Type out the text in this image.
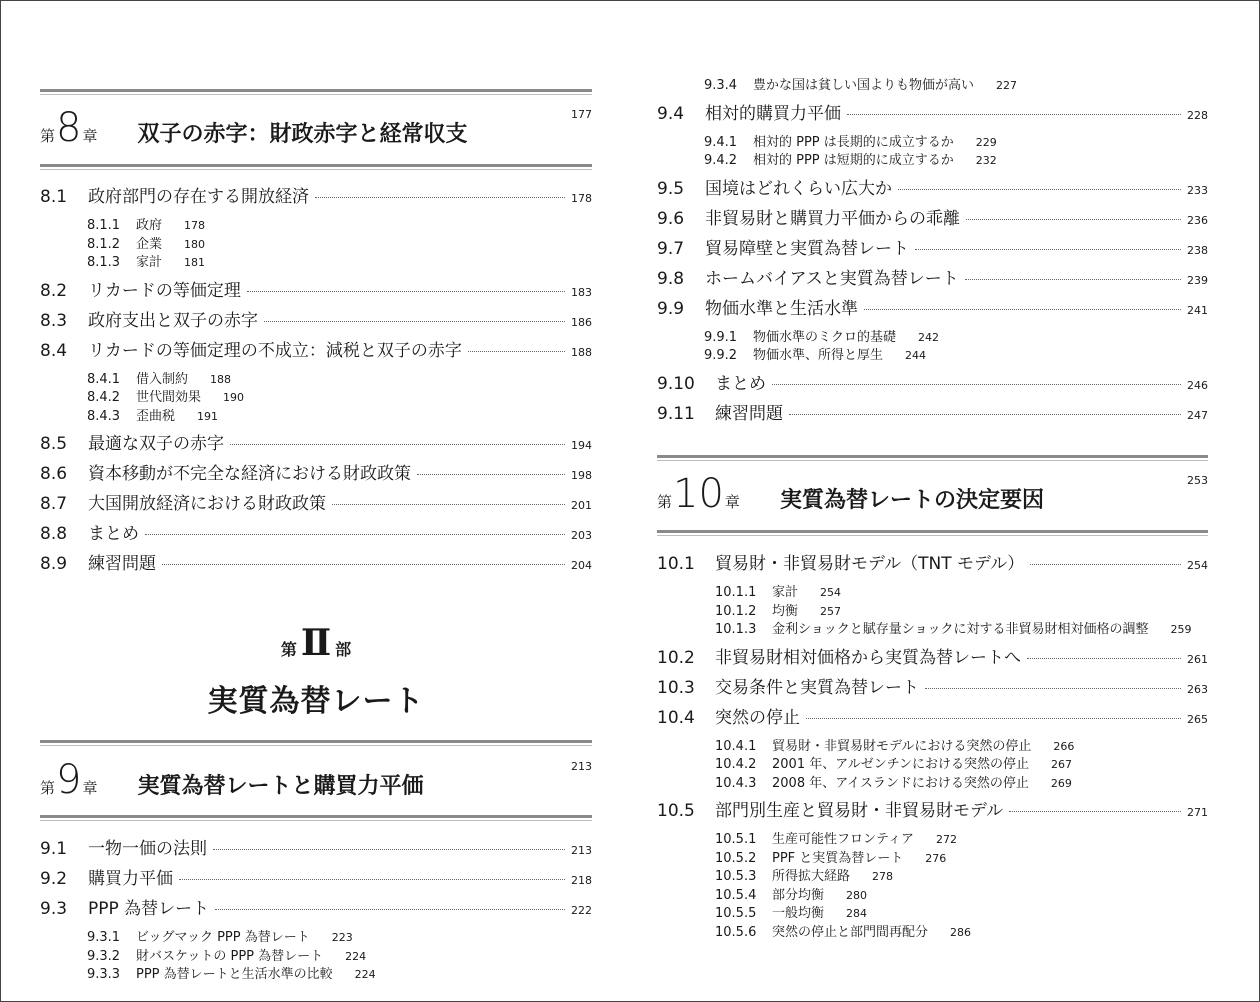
第 8 章 双子の赤字：財政赤字と経常収支
177
8.1	政府部門の存在する開放経済	178
8.1.1	政府 178
8.1.2	企業 180
8.1.3	家計 181
8.2	リカードの等価定理	183
8.3	政府支出と双子の赤字	186
8.4	リカードの等価定理の不成立：減税と双子の赤字	188
8.4.1	借入制約 188
8.4.2	世代間効果 190
8.4.3	歪曲税 191
8.5	最適な双子の赤字	194
8.6	資本移動が不完全な経済における財政政策	198
8.7	大国開放経済における財政政策	201
8.8	まとめ	203
8.9	練習問題	204
第 Ⅱ 部
実質為替レート
第 9 章 実質為替レートと購買力平価
213
9.1	一物一価の法則	213
9.2	購買力平価	218
9.3	PPP 為替レート	222
9.3.1	ビッグマック PPP 為替レート 223
9.3.2	財バスケットの PPP 為替レート 224
9.3.3	PPP 為替レートと生活水準の比較 224
9.3.4	豊かな国は貧しい国よりも物価が高い 227
9.4	相対的購買力平価	228
9.4.1	相対的 PPP は長期的に成立するか 229
9.4.2	相対的 PPP は短期的に成立するか 232
9.5	国境はどれくらい広大か	233
9.6	非貿易財と購買力平価からの乖離	236
9.7	貿易障壁と実質為替レート	238
9.8	ホームバイアスと実質為替レート	239
9.9	物価水準と生活水準	241
9.9.1	物価水準のミクロ的基礎 242
9.9.2	物価水準、所得と厚生 244
9.10	まとめ	246
9.11	練習問題	247
第 10 章 実質為替レートの決定要因
253
10.1	貿易財・非貿易財モデル（TNT モデル）	254
10.1.1	家計 254
10.1.2	均衡 257
10.1.3	金利ショックと賦存量ショックに対する非貿易財相対価格の調整 259
10.2	非貿易財相対価格から実質為替レートへ	261
10.3	交易条件と実質為替レート	263
10.4	突然の停止	265
10.4.1	貿易財・非貿易財モデルにおける突然の停止 266
10.4.2	2001 年、アルゼンチンにおける突然の停止 267
10.4.3	2008 年、アイスランドにおける突然の停止 269
10.5	部門別生産と貿易財・非貿易財モデル	271
10.5.1	生産可能性フロンティア 272
10.5.2	PPF と実質為替レート 276
10.5.3	所得拡大経路 278
10.5.4	部分均衡 280
10.5.5	一般均衡 284
10.5.6	突然の停止と部門間再配分 286
